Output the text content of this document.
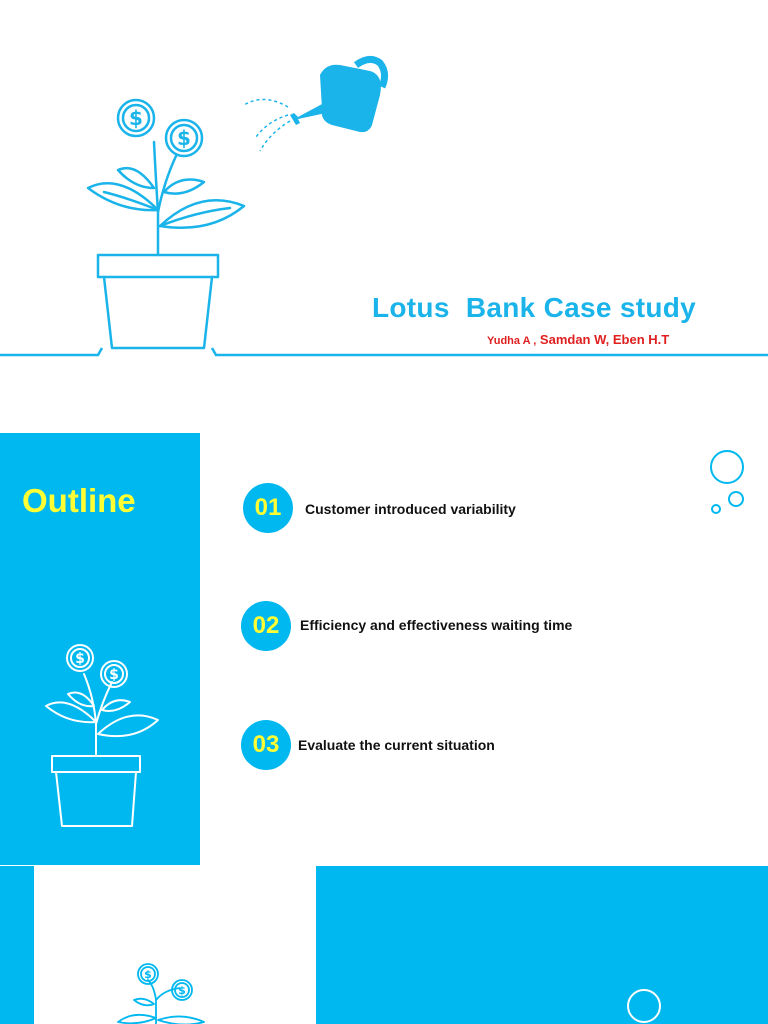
$
$
Lotus  Bank Case study
Yudha A , Samdan W, Eben H.T
Outline
$
$
01	Customer introduced variability
02	Efficiency and effectiveness waiting time
03	Evaluate the current situation
$
$
